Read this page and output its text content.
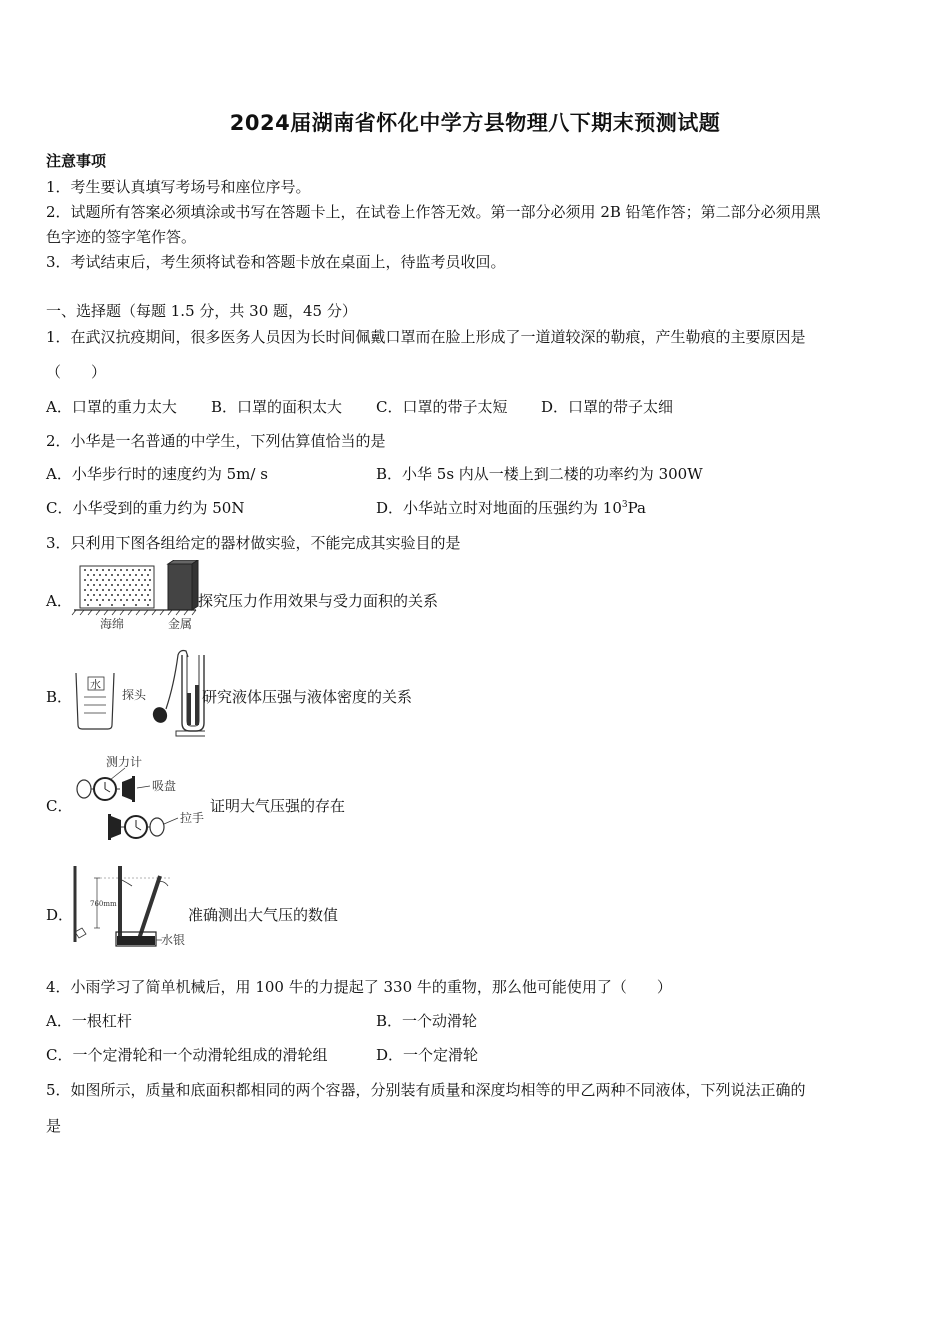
2024届湖南省怀化中学方县物理八下期末预测试题
注意事项
1．考生要认真填写考场号和座位序号。
2．试题所有答案必须填涂或书写在答题卡上，在试卷上作答无效。第一部分必须用 2B 铅笔作答；第二部分必须用黑
色字迹的签字笔作答。
3．考试结束后，考生须将试卷和答题卡放在桌面上，待监考员收回。
一、选择题（每题 1.5 分，共 30 题，45 分）
1．在武汉抗疫期间，很多医务人员因为长时间佩戴口罩而在脸上形成了一道道较深的勒痕，产生勒痕的主要原因是
（　　）
A．口罩的重力太大 B．口罩的面积太大 C．口罩的带子太短 D．口罩的带子太细
2．小华是一名普通的中学生，下列估算值恰当的是
A．小华步行时的速度约为 5m/ s	B．小华 5s 内从一楼上到二楼的功率约为 300W
C．小华受到的重力约为 50N	D．小华站立时对地面的压强约为 $10^3Pa$
3．只利用下图各组给定的器材做实验，不能完成其实验目的是
A．
海绵	金属
探究压力作用效果与受力面积的关系
B．
水
探头	研究液体压强与液体密度的关系
C．
测力计
吸盘
拉手
证明大气压强的存在
D．
760mm
水银
准确测出大气压的数值
4．小雨学习了简单机械后，用 100 牛的力提起了 330 牛的重物，那么他可能使用了（　　）
A．一根杠杆	B．一个动滑轮
C．一个定滑轮和一个动滑轮组成的滑轮组	D．一个定滑轮
5．如图所示，质量和底面积都相同的两个容器，分别装有质量和深度均相等的甲乙两种不同液体，下列说法正确的
是
